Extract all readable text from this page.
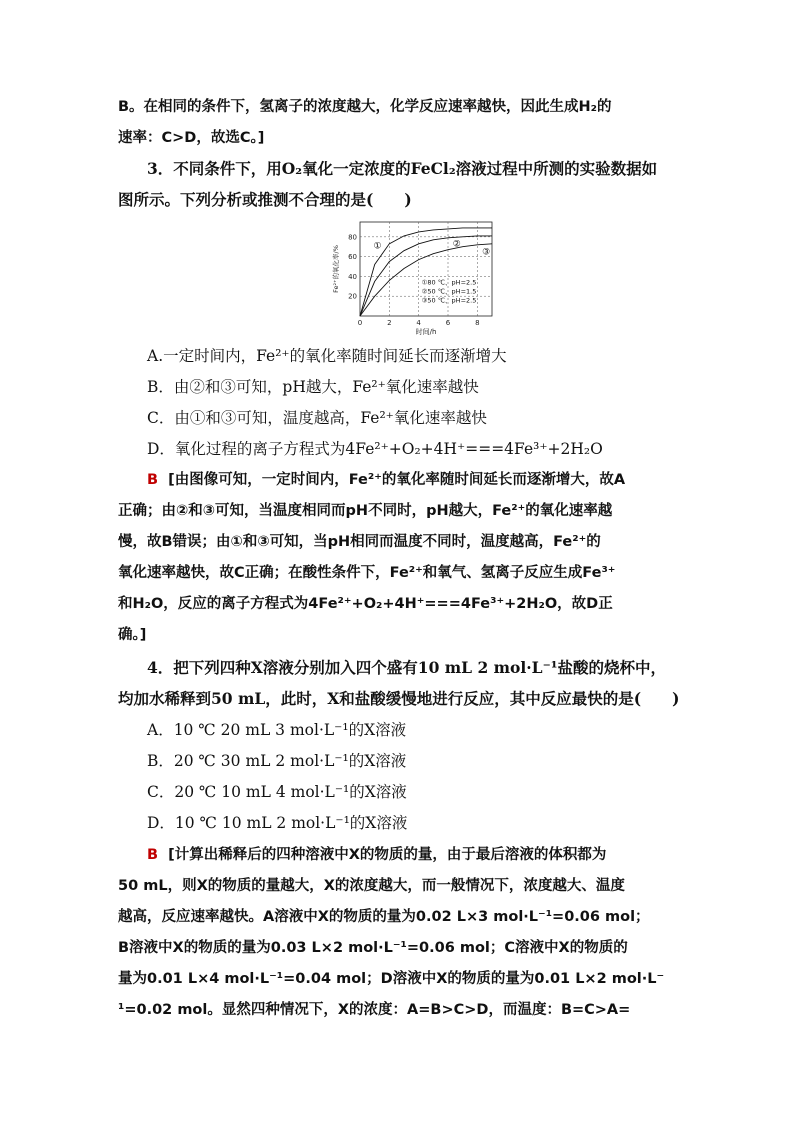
B。在相同的条件下，氢离子的浓度越大，化学反应速率越快，因此生成H₂的
速率：C>D，故选C。]
3．不同条件下，用O₂氧化一定浓度的FeCl₂溶液过程中所测的实验数据如
图所示。下列分析或推测不合理的是(　　)
0	2	4	6	8
20
40
60
80
时间/h
Fe²⁺的氧化率/%	①	②
③
①80 ℃、pH=2.5
②50 ℃、pH=1.5
③50 ℃、pH=2.5
A.一定时间内，Fe²⁺的氧化率随时间延长而逐渐增大
B．由②和③可知，pH越大，Fe²⁺氧化速率越快
C．由①和③可知，温度越高，Fe²⁺氧化速率越快
D．氧化过程的离子方程式为4Fe²⁺+O₂+4H⁺===4Fe³⁺+2H₂O
B [由图像可知，一定时间内，Fe²⁺的氧化率随时间延长而逐渐增大，故A
正确；由②和③可知，当温度相同而pH不同时，pH越大，Fe²⁺的氧化速率越
慢，故B错误；由①和③可知，当pH相同而温度不同时，温度越高，Fe²⁺的
氧化速率越快，故C正确；在酸性条件下，Fe²⁺和氧气、氢离子反应生成Fe³⁺
和H₂O，反应的离子方程式为4Fe²⁺+O₂+4H⁺===4Fe³⁺+2H₂O，故D正
确。]
4．把下列四种X溶液分别加入四个盛有10 mL 2 mol·L⁻¹盐酸的烧杯中，
均加水稀释到50 mL，此时，X和盐酸缓慢地进行反应，其中反应最快的是(　　)
A．10 ℃ 20 mL 3 mol·L⁻¹的X溶液
B．20 ℃ 30 mL 2 mol·L⁻¹的X溶液
C．20 ℃ 10 mL 4 mol·L⁻¹的X溶液
D．10 ℃ 10 mL 2 mol·L⁻¹的X溶液
B [计算出稀释后的四种溶液中X的物质的量，由于最后溶液的体积都为
50 mL，则X的物质的量越大，X的浓度越大，而一般情况下，浓度越大、温度
越高，反应速率越快。A溶液中X的物质的量为0.02 L×3 mol·L⁻¹=0.06 mol；
B溶液中X的物质的量为0.03 L×2 mol·L⁻¹=0.06 mol；C溶液中X的物质的
量为0.01 L×4 mol·L⁻¹=0.04 mol；D溶液中X的物质的量为0.01 L×2 mol·L⁻
¹=0.02 mol。显然四种情况下，X的浓度：A=B>C>D，而温度：B=C>A=
